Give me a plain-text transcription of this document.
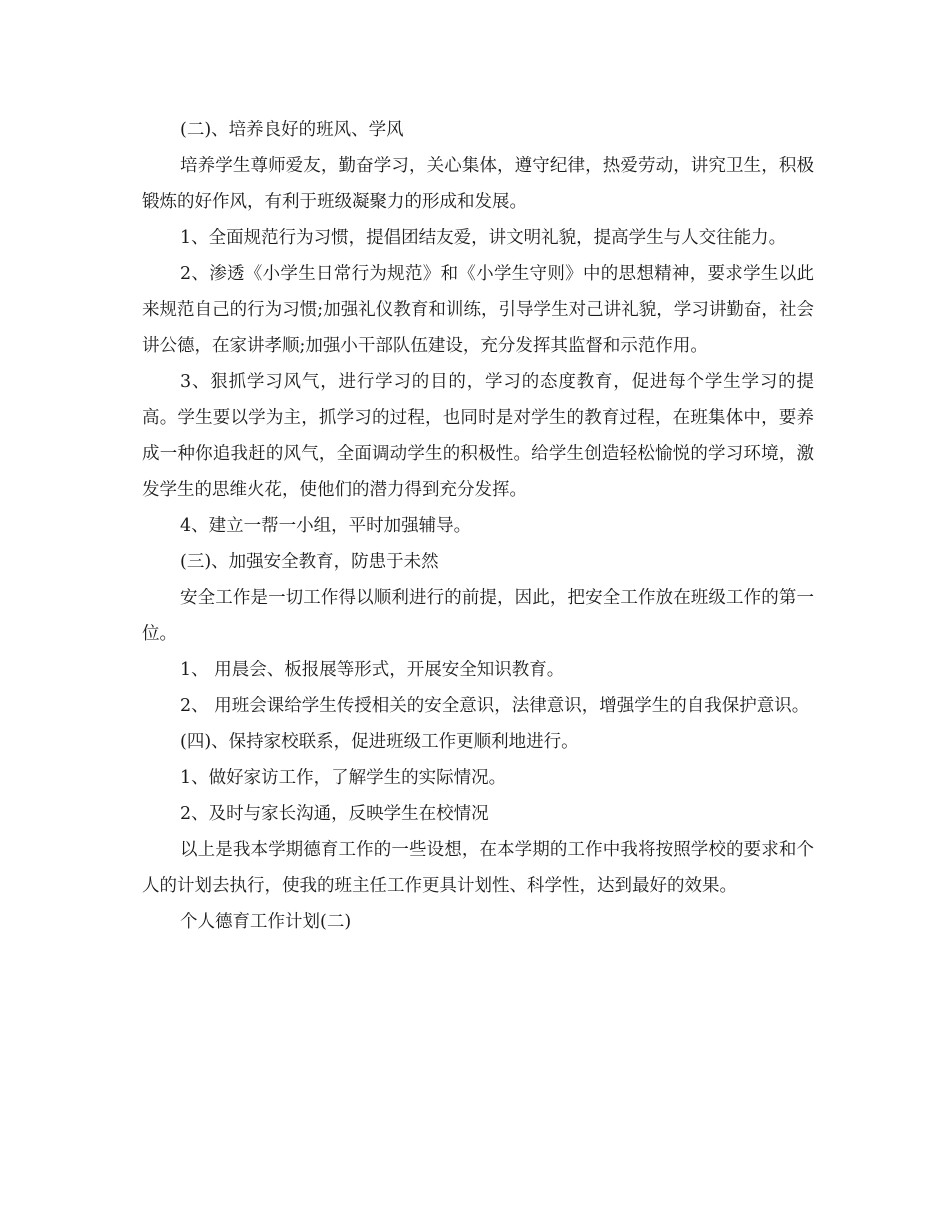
(二)、培养良好的班风、学风

培养学生尊师爱友，勤奋学习，关心集体，遵守纪律，热爱劳动，讲究卫生，积极锻炼的好作风，有利于班级凝聚力的形成和发展。

1、全面规范行为习惯，提倡团结友爱，讲文明礼貌，提高学生与人交往能力。

2、渗透《小学生日常行为规范》和《小学生守则》中的思想精神，要求学生以此来规范自己的行为习惯;加强礼仪教育和训练，引导学生对己讲礼貌，学习讲勤奋，社会讲公德，在家讲孝顺;加强小干部队伍建设，充分发挥其监督和示范作用。

3、狠抓学习风气，进行学习的目的，学习的态度教育，促进每个学生学习的提高。学生要以学为主，抓学习的过程，也同时是对学生的教育过程，在班集体中，要养成一种你追我赶的风气，全面调动学生的积极性。给学生创造轻松愉悦的学习环境，激发学生的思维火花，使他们的潜力得到充分发挥。

4、建立一帮一小组，平时加强辅导。

(三)、加强安全教育，防患于未然

安全工作是一切工作得以顺利进行的前提，因此，把安全工作放在班级工作的第一位。

1、 用晨会、板报展等形式，开展安全知识教育。

2、 用班会课给学生传授相关的安全意识，法律意识，增强学生的自我保护意识。

(四)、保持家校联系，促进班级工作更顺利地进行。

1、做好家访工作，了解学生的实际情况。

2、及时与家长沟通，反映学生在校情况

以上是我本学期德育工作的一些设想，在本学期的工作中我将按照学校的要求和个人的计划去执行，使我的班主任工作更具计划性、科学性，达到最好的效果。

个人德育工作计划(二)
